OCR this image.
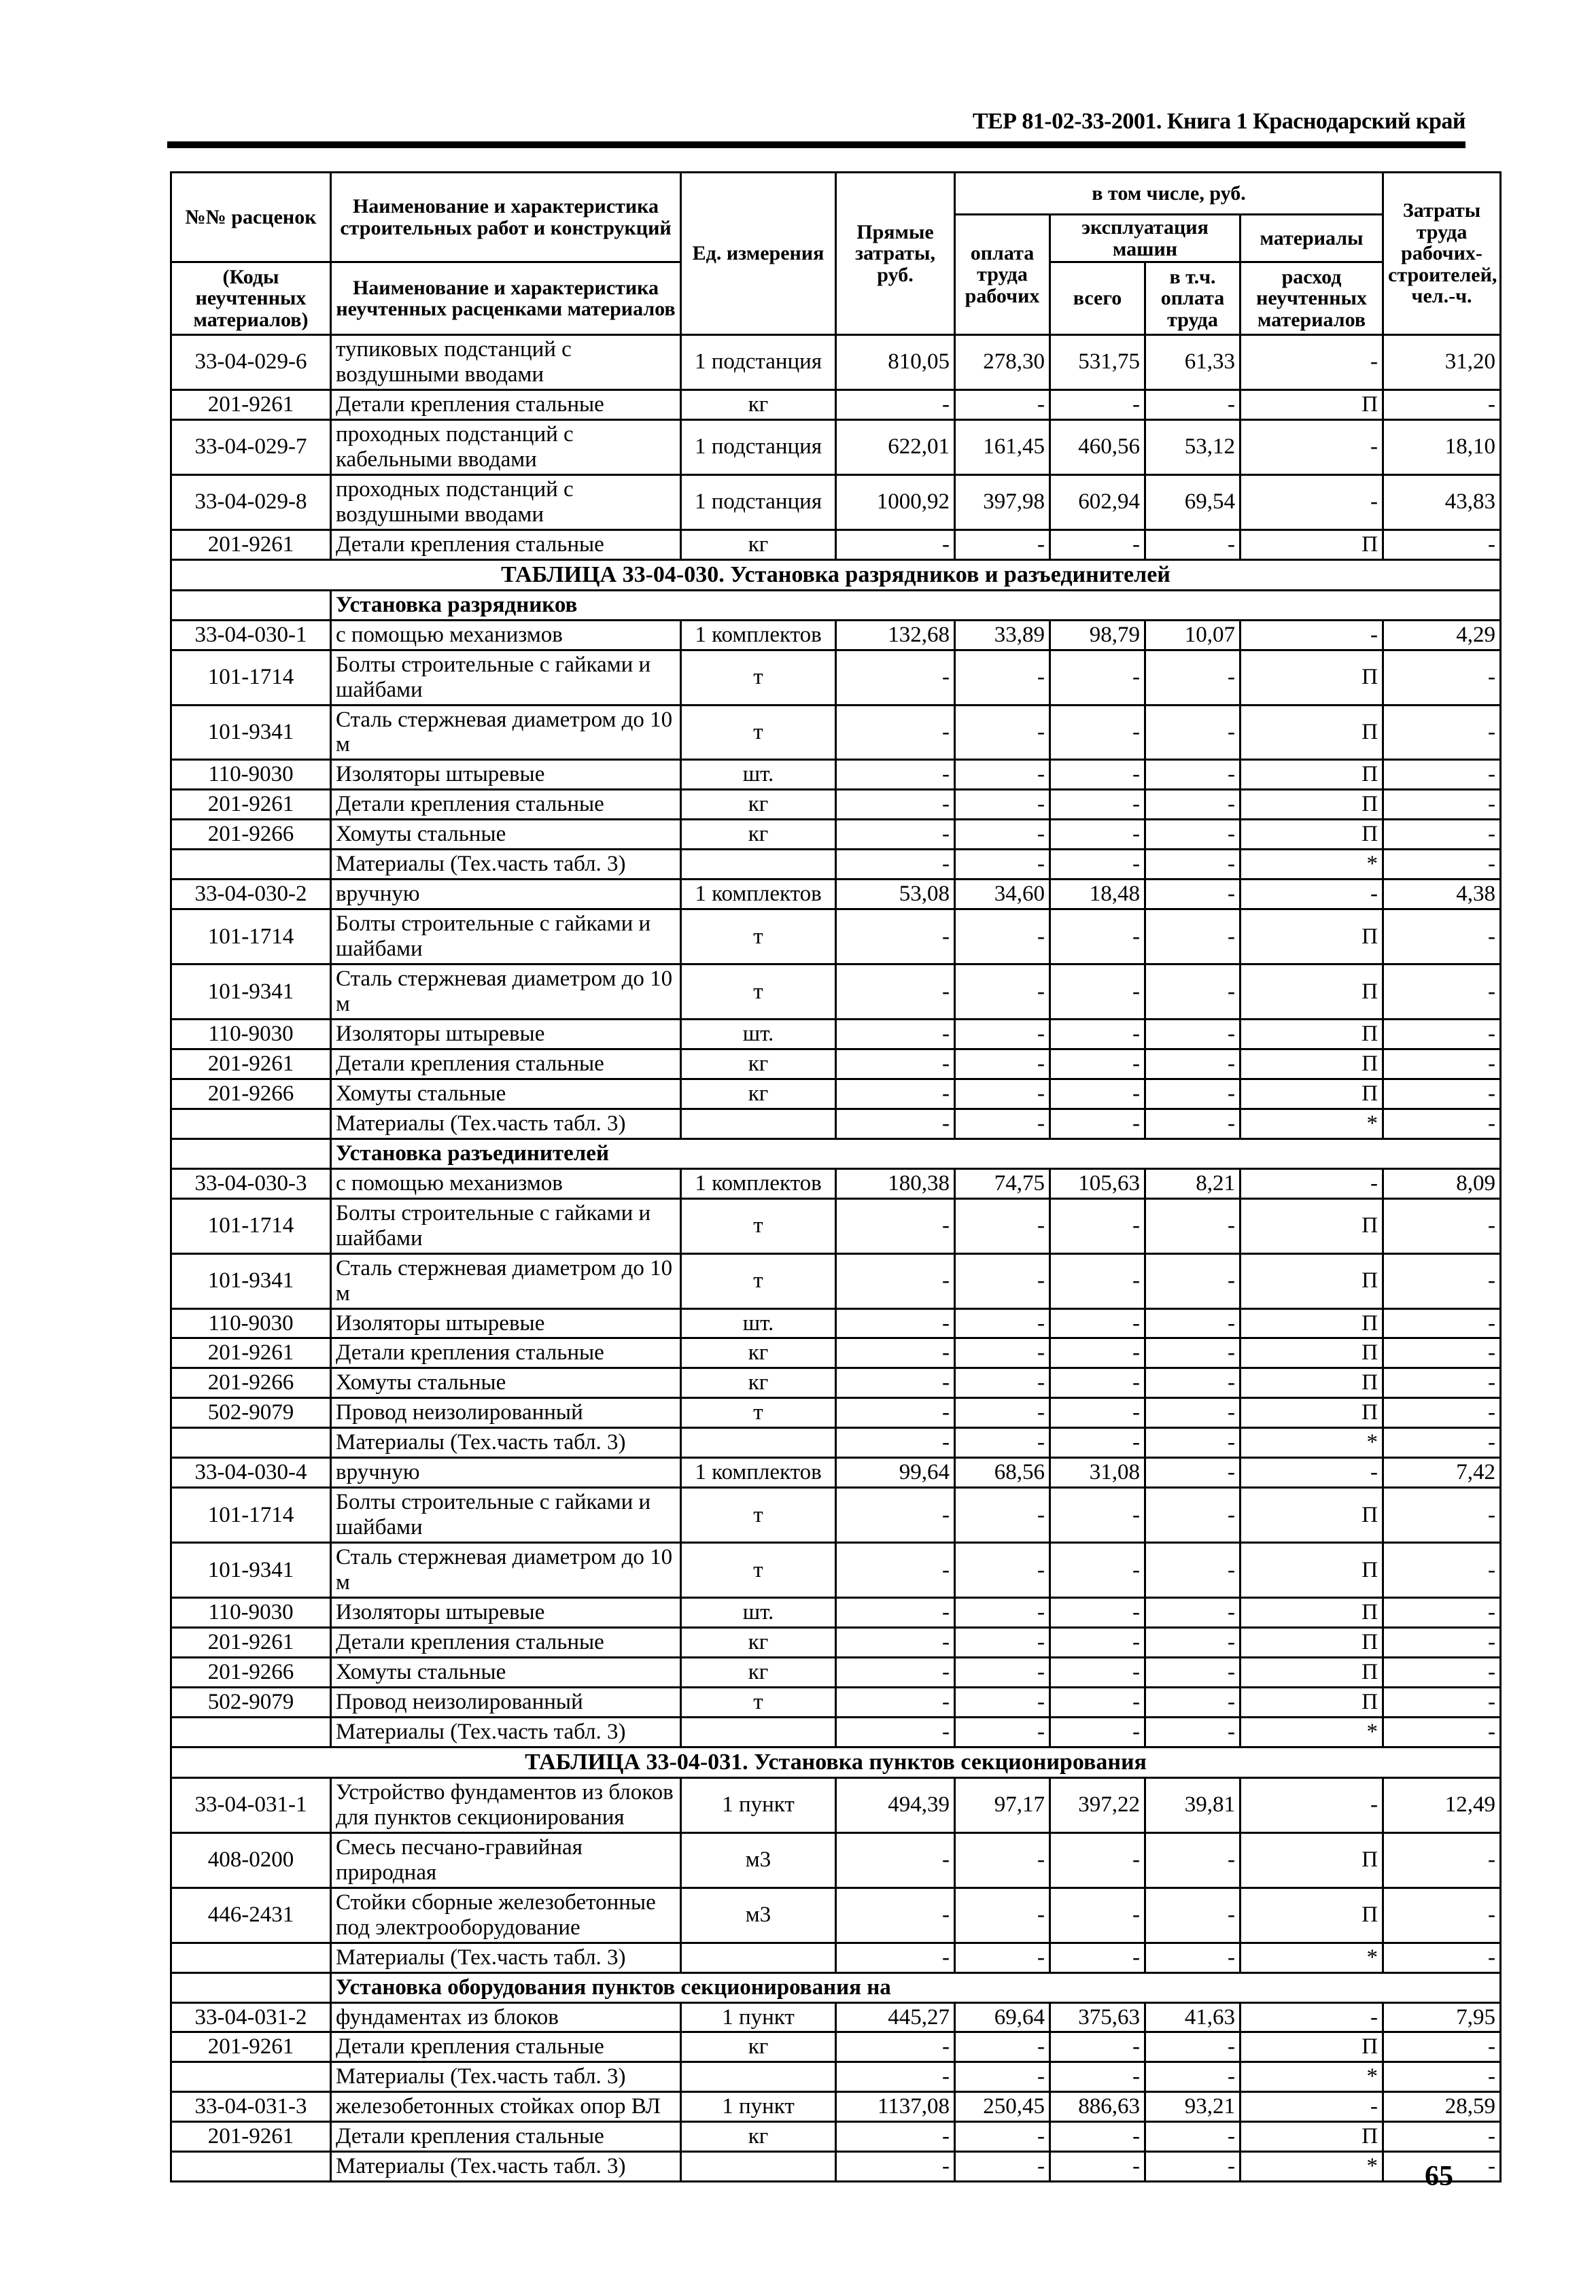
ТЕР 81-02-33-2001. Книга 1 Краснодарский край
№№ расценок	Наименование и характеристика строительных работ и конструкций	Ед. измерения	Прямые затраты, руб.	в том числе, руб.				Затраты труда рабочих-строителей, чел.-ч.
				оплата труда рабочих	эксплуатация машин		материалы	

(Коды неучтенных материалов)	Наименование и характеристика неучтенных расценками материалов				всего	в т.ч. оплата труда	расход неучтенных материалов	

33-04-029-6	тупиковых подстанций с воздушными вводами	1 подстанция	810,05	278,30	531,75	61,33	-	31,20
201-9261	Детали крепления стальные	кг	-	-	-	-	П	-
33-04-029-7	проходных подстанций с кабельными вводами	1 подстанция	622,01	161,45	460,56	53,12	-	18,10
33-04-029-8	проходных подстанций с воздушными вводами	1 подстанция	1000,92	397,98	602,94	69,54	-	43,83
201-9261	Детали крепления стальные	кг	-	-	-	-	П	-
ТАБЛИЦА 33-04-030. Установка разрядников и разъединителей								
	Установка разрядников							
33-04-030-1	с помощью механизмов	1 комплектов	132,68	33,89	98,79	10,07	-	4,29
101-1714	Болты строительные с гайками и шайбами	т	-	-	-	-	П	-
101-9341	Сталь стержневая диаметром до 10 м	т	-	-	-	-	П	-
110-9030	Изоляторы штыревые	шт.	-	-	-	-	П	-
201-9261	Детали крепления стальные	кг	-	-	-	-	П	-
201-9266	Хомуты стальные	кг	-	-	-	-	П	-
	Материалы (Тех.часть табл. 3)		-	-	-	-	*	-
33-04-030-2	вручную	1 комплектов	53,08	34,60	18,48	-	-	4,38
101-1714	Болты строительные с гайками и шайбами	т	-	-	-	-	П	-
101-9341	Сталь стержневая диаметром до 10 м	т	-	-	-	-	П	-
110-9030	Изоляторы штыревые	шт.	-	-	-	-	П	-
201-9261	Детали крепления стальные	кг	-	-	-	-	П	-
201-9266	Хомуты стальные	кг	-	-	-	-	П	-
	Материалы (Тех.часть табл. 3)		-	-	-	-	*	-
	Установка разъединителей							
33-04-030-3	с помощью механизмов	1 комплектов	180,38	74,75	105,63	8,21	-	8,09
101-1714	Болты строительные с гайками и шайбами	т	-	-	-	-	П	-
101-9341	Сталь стержневая диаметром до 10 м	т	-	-	-	-	П	-
110-9030	Изоляторы штыревые	шт.	-	-	-	-	П	-
201-9261	Детали крепления стальные	кг	-	-	-	-	П	-
201-9266	Хомуты стальные	кг	-	-	-	-	П	-
502-9079	Провод неизолированный	т	-	-	-	-	П	-
	Материалы (Тех.часть табл. 3)		-	-	-	-	*	-
33-04-030-4	вручную	1 комплектов	99,64	68,56	31,08	-	-	7,42
101-1714	Болты строительные с гайками и шайбами	т	-	-	-	-	П	-
101-9341	Сталь стержневая диаметром до 10 м	т	-	-	-	-	П	-
110-9030	Изоляторы штыревые	шт.	-	-	-	-	П	-
201-9261	Детали крепления стальные	кг	-	-	-	-	П	-
201-9266	Хомуты стальные	кг	-	-	-	-	П	-
502-9079	Провод неизолированный	т	-	-	-	-	П	-
	Материалы (Тех.часть табл. 3)		-	-	-	-	*	-
ТАБЛИЦА 33-04-031. Установка пунктов секционирования								
33-04-031-1	Устройство фундаментов из блоков для пунктов секционирования	1 пункт	494,39	97,17	397,22	39,81	-	12,49
408-0200	Смесь песчано-гравийная природная	м3	-	-	-	-	П	-
446-2431	Стойки сборные железобетонные под электрооборудование	м3	-	-	-	-	П	-
	Материалы (Тех.часть табл. 3)		-	-	-	-	*	-
	Установка оборудования пунктов секционирования на							
33-04-031-2	фундаментах из блоков	1 пункт	445,27	69,64	375,63	41,63	-	7,95
201-9261	Детали крепления стальные	кг	-	-	-	-	П	-
	Материалы (Тех.часть табл. 3)		-	-	-	-	*	-
33-04-031-3	железобетонных стойках опор ВЛ	1 пункт	1137,08	250,45	886,63	93,21	-	28,59
201-9261	Детали крепления стальные	кг	-	-	-	-	П	-
	Материалы (Тех.часть табл. 3)		-	-	-	-	*	-
65
